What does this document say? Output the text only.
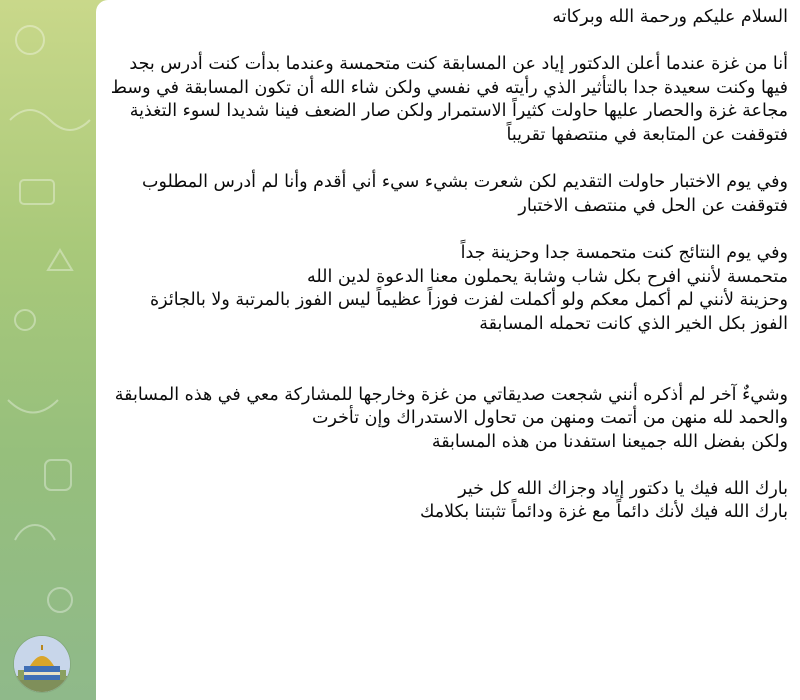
السلام عليكم ورحمة الله وبركاته

أنا من غزة عندما أعلن الدكتور إياد عن المسابقة كنت متحمسة وعندما بدأت كنت أدرس بجد فيها وكنت سعيدة جدا بالتأثير الذي رأيته في نفسي ولكن شاء الله أن تكون المسابقة في وسط مجاعة غزة والحصار عليها حاولت كثيراً الاستمرار ولكن صار الضعف فينا شديدا لسوء التغذية فتوقفت عن المتابعة في منتصفها تقريباً

وفي يوم الاختبار حاولت التقديم لكن شعرت بشيء سيء أني أقدم وأنا لم أدرس المطلوب فتوقفت عن الحل في منتصف الاختبار

وفي يوم النتائج كنت متحمسة جدا وحزينة جداً

متحمسة لأنني افرح بكل شاب وشابة يحملون معنا الدعوة لدين الله

وحزينة لأنني لم أكمل معكم ولو أكملت لفزت فوزاً عظيماً ليس الفوز بالمرتبة ولا بالجائزة الفوز بكل الخير الذي كانت تحمله المسابقة

وشيءٌ آخر لم أذكره أنني شجعت صديقاتي من غزة وخارجها للمشاركة معي في هذه المسابقة والحمد لله منهن من أتمت ومنهن من تحاول الاستدراك وإن تأخرت

ولكن بفضل الله جميعنا استفدنا من هذه المسابقة

بارك الله فيك يا دكتور إياد وجزاك الله كل خير

بارك الله فيك لأنك دائماً مع غزة ودائماً تثبتنا بكلامك
